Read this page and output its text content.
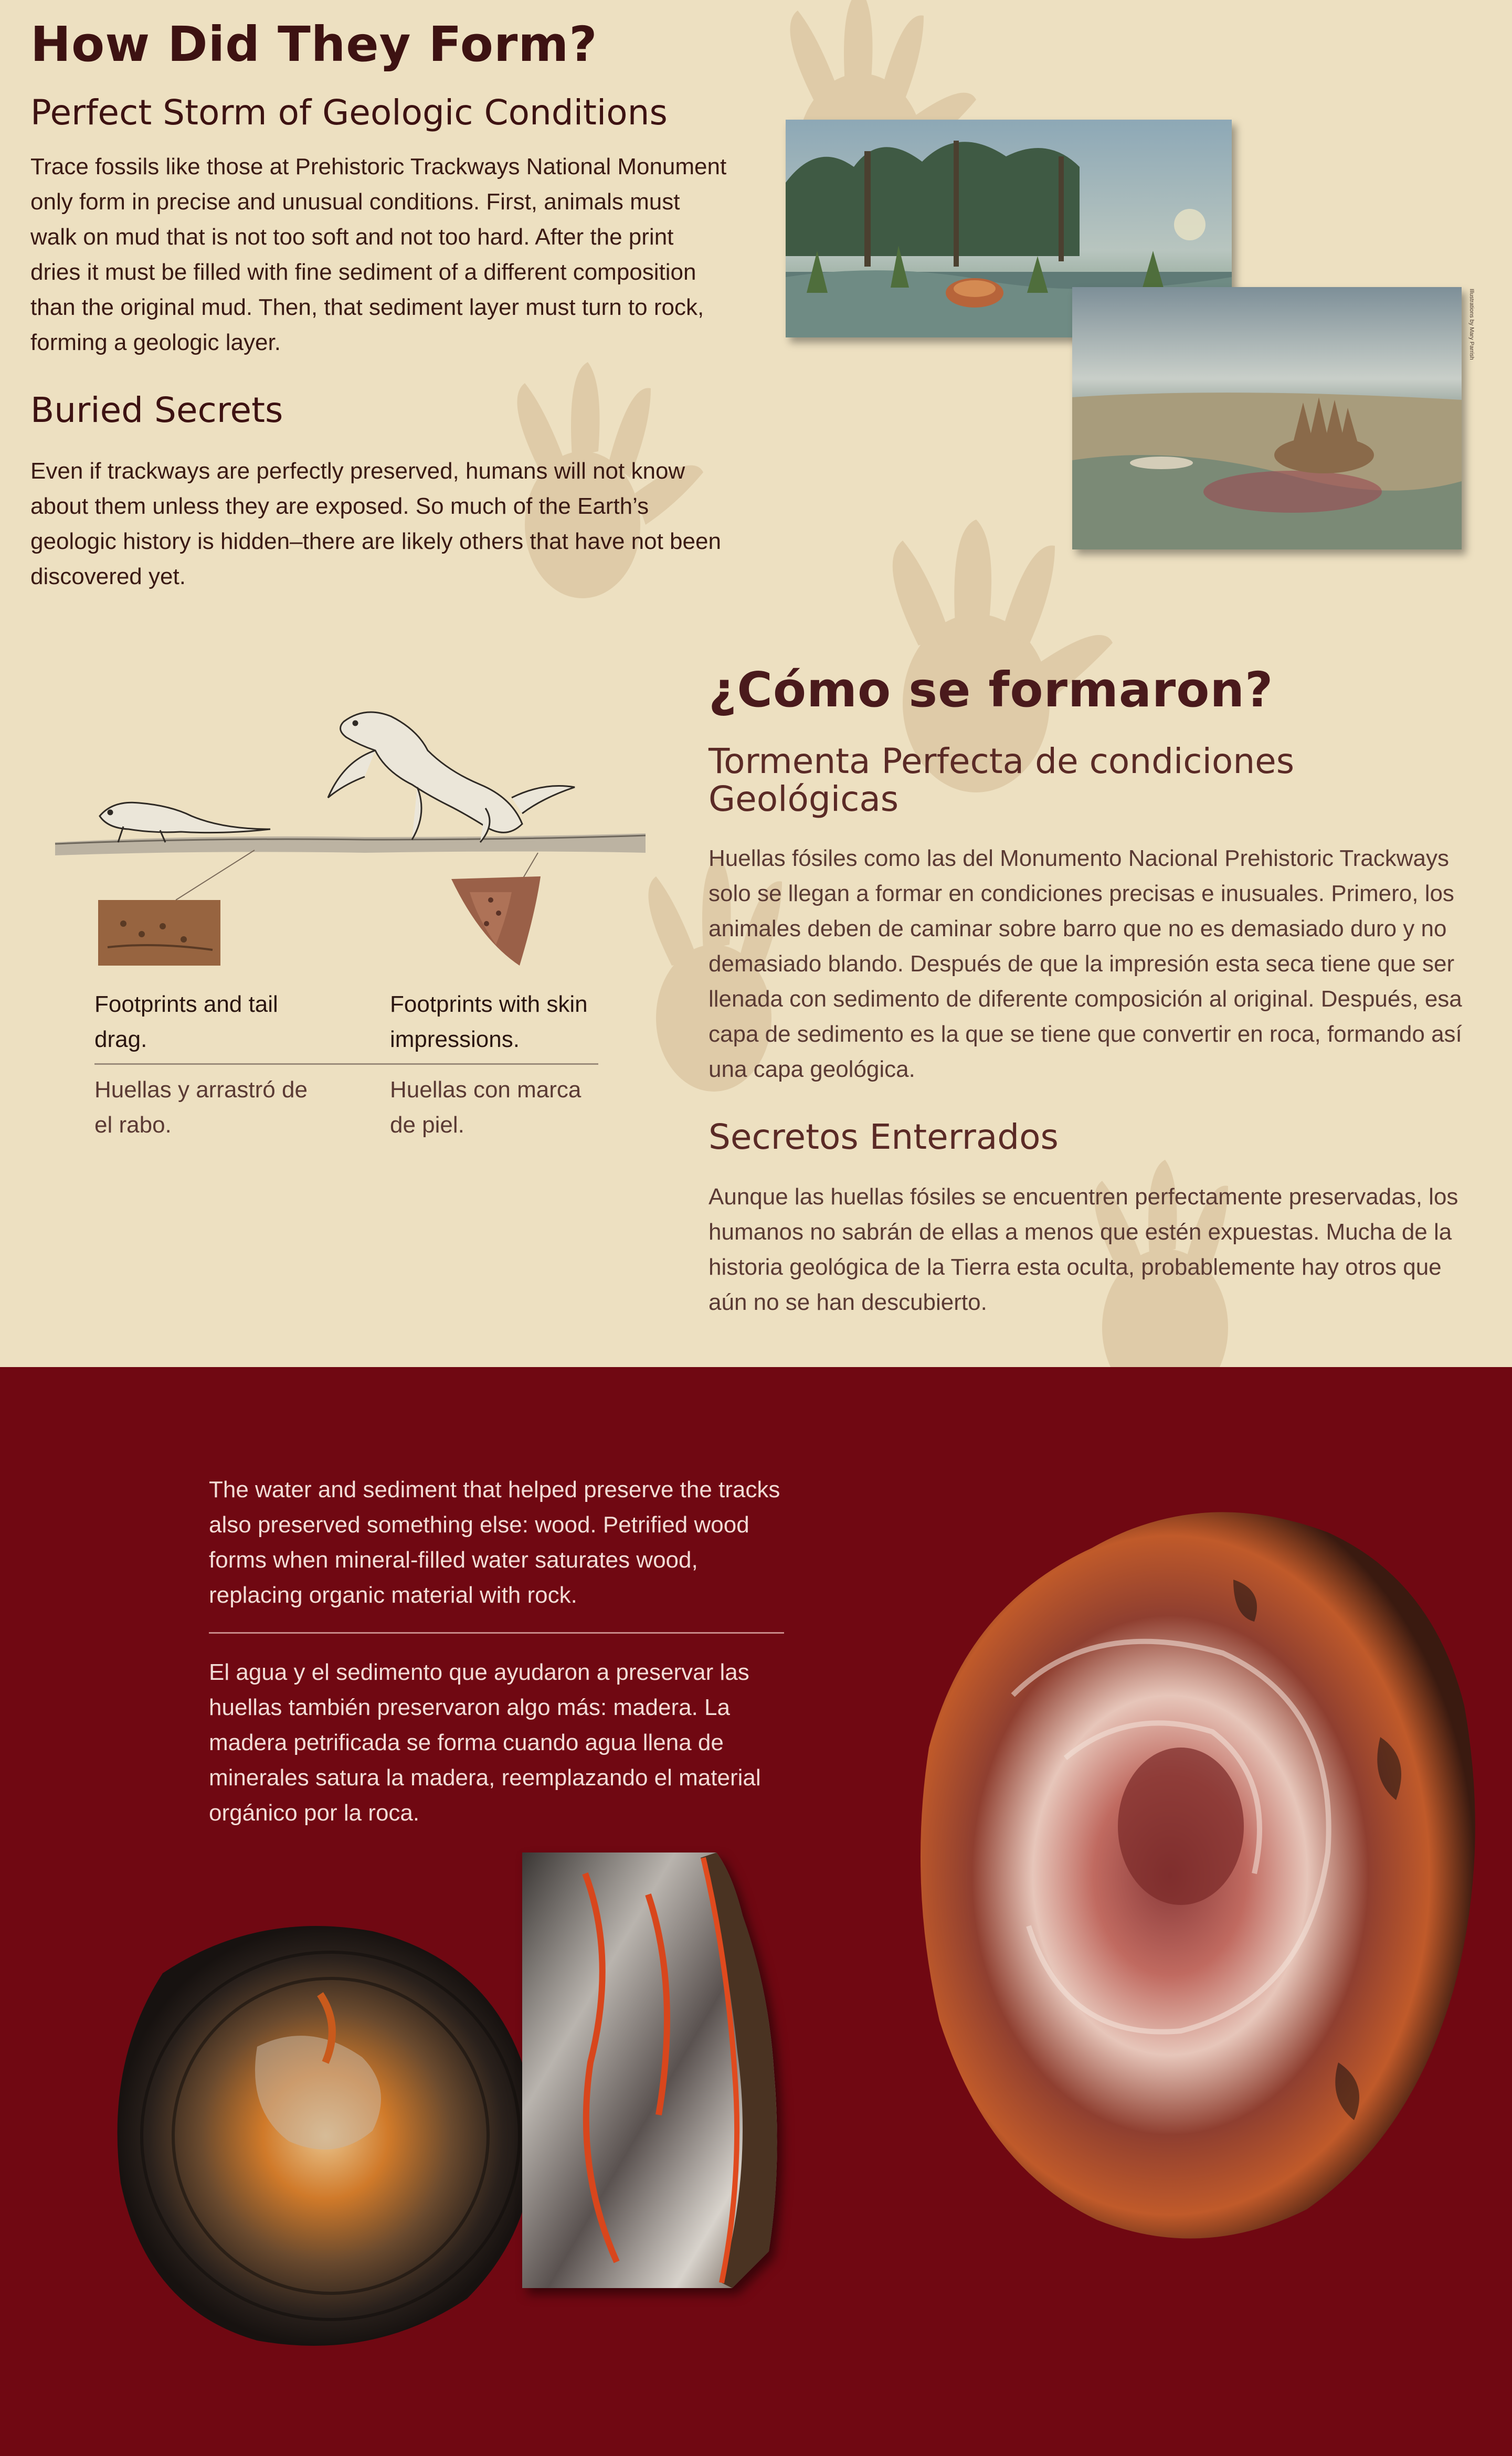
How Did They Form?
Perfect Storm of Geologic Conditions

Trace fossils like those at Prehistoric Trackways National Monument only form in precise and unusual conditions. First, animals must walk on mud that is not too soft and not too hard. After the print dries it must be filled with fine sediment of a different composition than the original mud. Then, that sediment layer must turn to rock, forming a geologic layer.

Buried Secrets

Even if trackways are perfectly preserved, humans will not know about them unless they are exposed. So much of the Earth’s geologic history is hidden–there are likely others that have not been discovered yet.

Illustrations by Mary Parrish

Footprints and tail drag.

Footprints with skin impressions.

Huellas y arrastró de el rabo.

Huellas con marca de piel.

¿Cómo se formaron?
Tormenta Perfecta de condiciones Geológicas

Huellas fósiles como las del Monumento Nacional Prehistoric Trackways solo se llegan a formar en condiciones precisas e inusuales. Primero, los animales deben de caminar sobre barro que no es demasiado duro y no demasiado blando. Después de que la impresión esta seca tiene que ser llenada con sedimento de diferente composición al original. Después, esa capa de sedimento es la que se tiene que convertir en roca, formando así una capa geológica.

Secretos Enterrados

Aunque las huellas fósiles se encuentren perfectamente preservadas, los humanos no sabrán de ellas a menos que estén expuestas. Mucha de la historia geológica de la Tierra esta oculta, probablemente hay otros que aún no se han descubierto.

The water and sediment that helped preserve the tracks also preserved something else: wood. Petrified wood forms when mineral-filled water saturates wood, replacing organic material with rock.

El agua y el sedimento que ayudaron a preservar las huellas también preservaron algo más: madera. La madera petrificada se forma cuando agua llena de minerales satura la madera, reemplazando el material orgánico por la roca.
